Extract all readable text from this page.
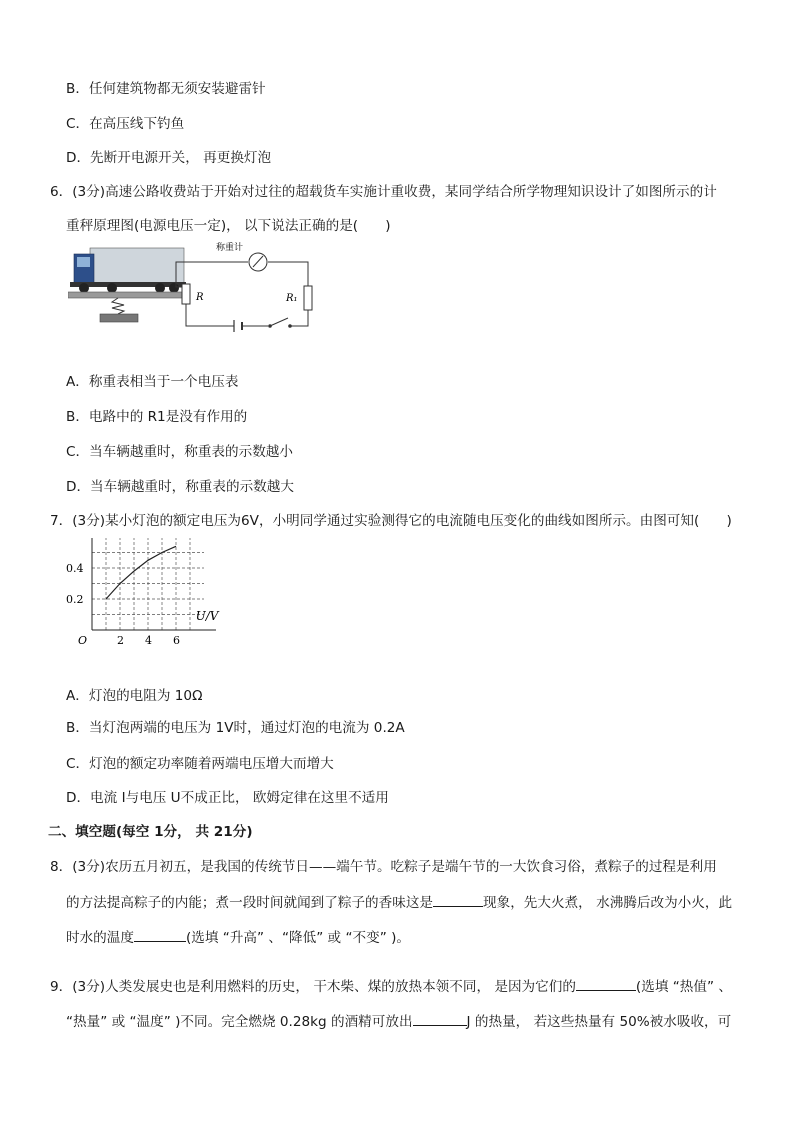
B．任何建筑物都无须安装避雷针
C．在高压线下钓鱼
D．先断开电源开关， 再更换灯泡
6．(3分)高速公路收费站于开始对过往的超载货车实施计重收费，某同学结合所学物理知识设计了如图所示的计
重秤原理图(电源电压一定)， 以下说法正确的是(　　)
R
称重计
R₁
A．称重表相当于一个电压表
B．电路中的 R1是没有作用的
C．当车辆越重时，称重表的示数越小
D．当车辆越重时，称重表的示数越大
7．(3分)某小灯泡的额定电压为6V，小明同学通过实验测得它的电流随电压变化的曲线如图所示。由图可知(　　)
2 4 6
0.2
0.4
U/V
O
A．灯泡的电阻为 10Ω
B．当灯泡两端的电压为 1V时，通过灯泡的电流为 0.2A
C．灯泡的额定功率随着两端电压增大而增大
D．电流 I与电压 U不成正比， 欧姆定律在这里不适用
二、填空题(每空 1分， 共 21分)
8．(3分)农历五月初五，是我国的传统节日——端午节。吃粽子是端午节的一大饮食习俗，煮粽子的过程是利用
的方法提高粽子的内能；煮一段时间就闻到了粽子的香味这是	现象，先大火煮， 水沸腾后改为小火，此
时水的温度	(选填 “升高” 、“降低” 或 “不变” )。
9．(3分)人类发展史也是利用燃料的历史， 干木柴、煤的放热本领不同， 是因为它们的	(选填 “热值” 、
“热量” 或 “温度” )不同。完全燃烧 0.28kg 的酒精可放出	J 的热量， 若这些热量有 50%被水吸收，可
